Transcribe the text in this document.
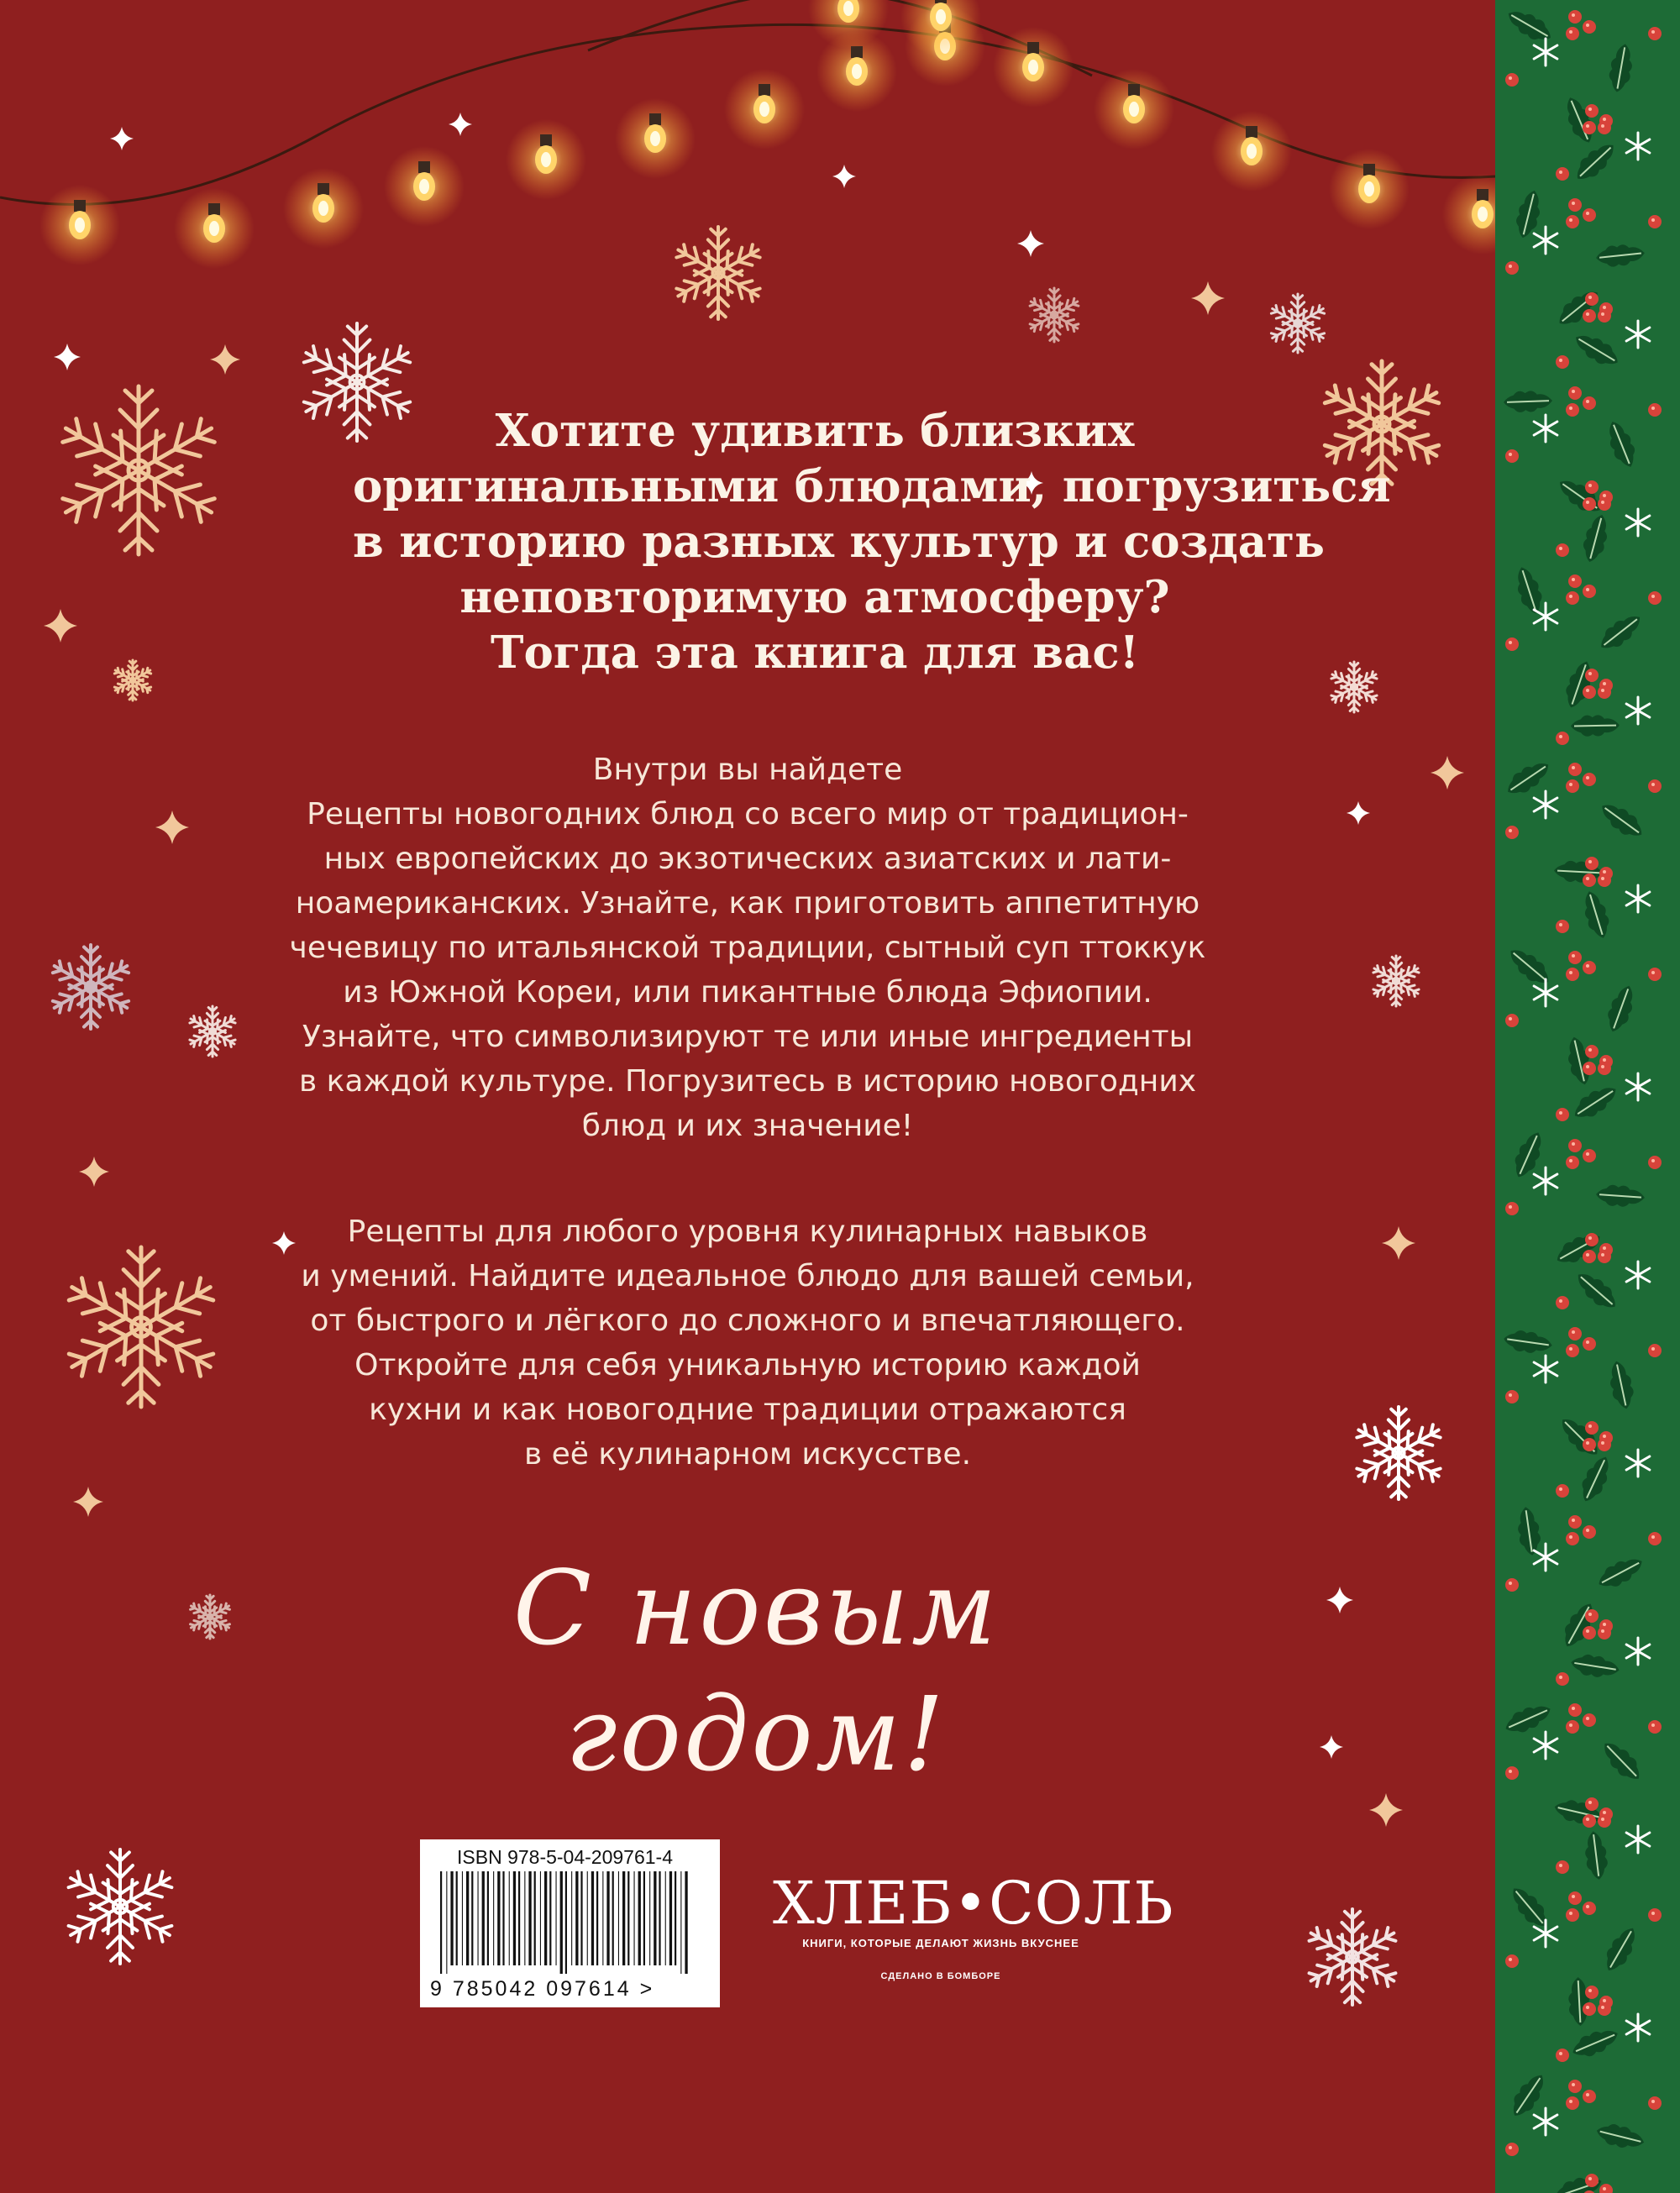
Хотите удивить близких
оригинальными блюдами, погрузиться
в историю разных культур и создать
неповторимую атмосферу?
Тогда эта книга для вас!
Внутри вы найдете
Рецепты новогодних блюд со всего мир от традицион-
ных европейских до экзотических азиатских и лати-
ноамериканских. Узнайте, как приготовить аппетитную
чечевицу по итальянской традиции, сытный суп ттоккук
из Южной Кореи, или пикантные блюда Эфиопии.
Узнайте, что символизируют те или иные ингредиенты
в каждой культуре. Погрузитесь в историю новогодних
блюд и их значение!
Рецепты для любого уровня кулинарных навыков
и умений. Найдите идеальное блюдо для вашей семьи,
от быстрого и лёгкого до сложного и впечатляющего.
Откройте для себя уникальную историю каждой
кухни и как новогодние традиции отражаются
в её кулинарном искусстве.
С новым годом!
ISBN 978-5-04-209761-4
9 785042 097614 >
ХЛЕБ•СОЛЬ
КНИГИ, КОТОРЫЕ ДЕЛАЮТ ЖИЗНЬ ВКУСНЕЕ
СДЕЛАНО В БОМБОРЕ
